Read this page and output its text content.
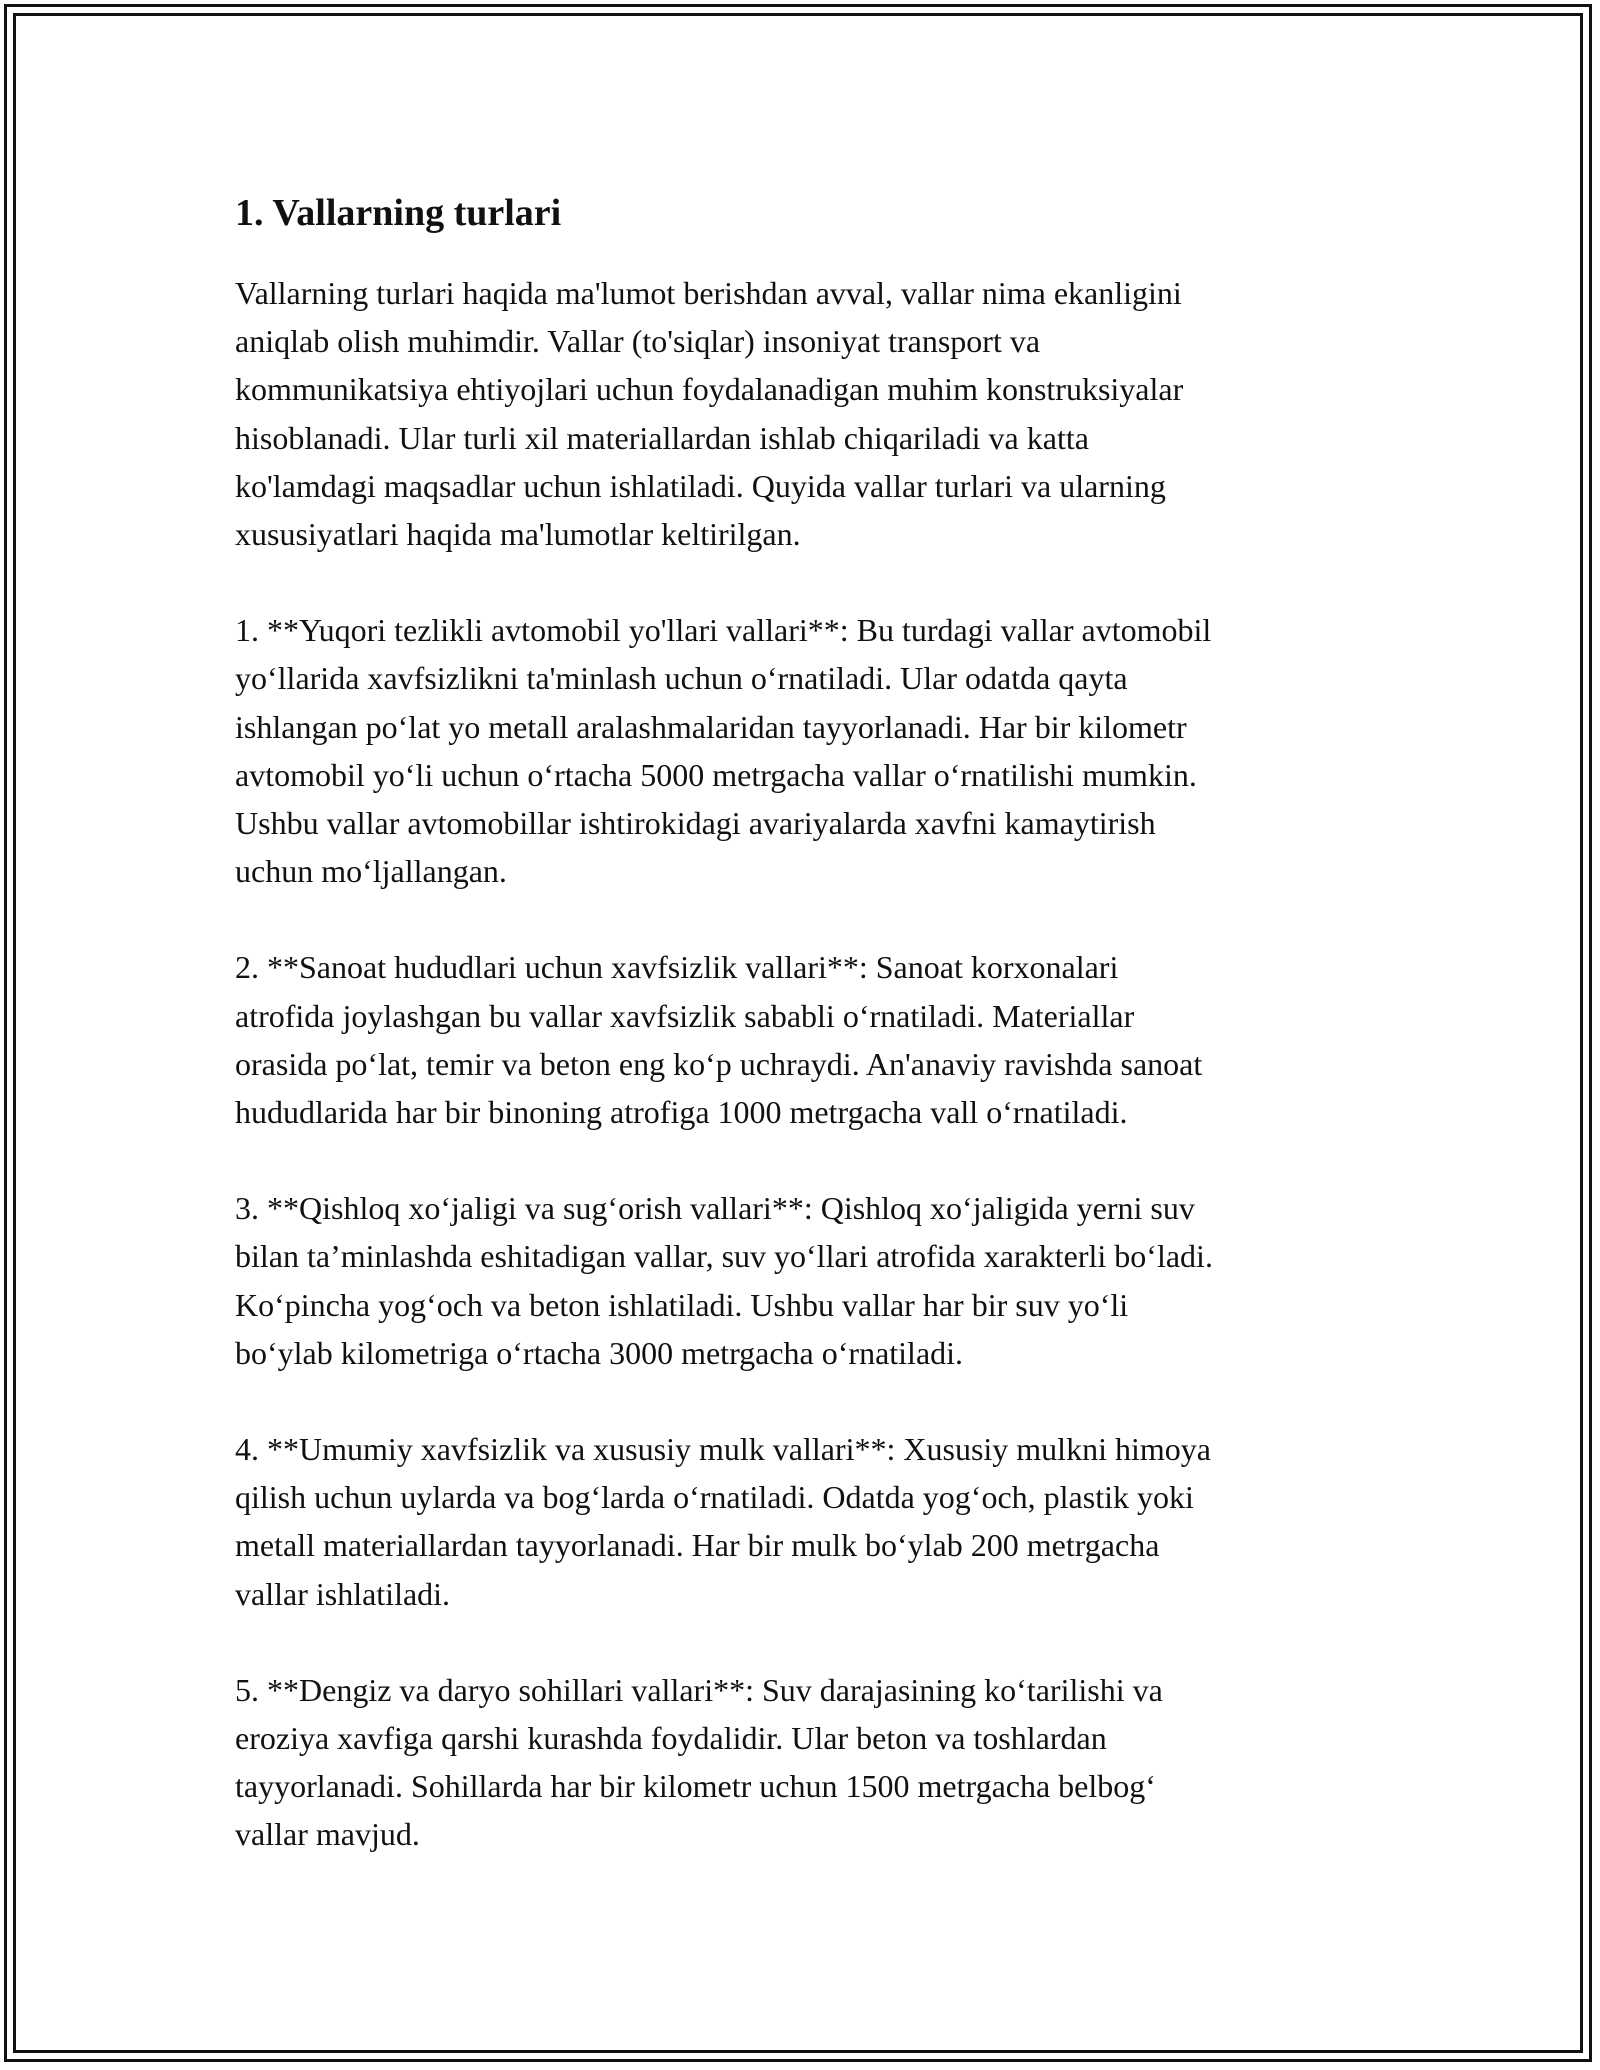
1. Vallarning turlari

Vallarning turlari haqida ma'lumot berishdan avval, vallar nima ekanligini
aniqlab olish muhimdir. Vallar (to'siqlar) insoniyat transport va
kommunikatsiya ehtiyojlari uchun foydalanadigan muhim konstruksiyalar
hisoblanadi. Ular turli xil materiallardan ishlab chiqariladi va katta
ko'lamdagi maqsadlar uchun ishlatiladi. Quyida vallar turlari va ularning
xususiyatlari haqida ma'lumotlar keltirilgan.

1. **Yuqori tezlikli avtomobil yo'llari vallari**: Bu turdagi vallar avtomobil
yo‘llarida xavfsizlikni ta'minlash uchun o‘rnatiladi. Ular odatda qayta
ishlangan po‘lat yo metall aralashmalaridan tayyorlanadi. Har bir kilometr
avtomobil yo‘li uchun o‘rtacha 5000 metrgacha vallar o‘rnatilishi mumkin.
Ushbu vallar avtomobillar ishtirokidagi avariyalarda xavfni kamaytirish
uchun mo‘ljallangan.

2. **Sanoat hududlari uchun xavfsizlik vallari**: Sanoat korxonalari
atrofida joylashgan bu vallar xavfsizlik sababli o‘rnatiladi. Materiallar
orasida po‘lat, temir va beton eng ko‘p uchraydi. An'anaviy ravishda sanoat
hududlarida har bir binoning atrofiga 1000 metrgacha vall o‘rnatiladi.

3. **Qishloq xo‘jaligi va sug‘orish vallari**: Qishloq xo‘jaligida yerni suv
bilan ta’minlashda eshitadigan vallar, suv yo‘llari atrofida xarakterli bo‘ladi.
Ko‘pincha yog‘och va beton ishlatiladi. Ushbu vallar har bir suv yo‘li
bo‘ylab kilometriga o‘rtacha 3000 metrgacha o‘rnatiladi.

4. **Umumiy xavfsizlik va xususiy mulk vallari**: Xususiy mulkni himoya
qilish uchun uylarda va bog‘larda o‘rnatiladi. Odatda yog‘och, plastik yoki
metall materiallardan tayyorlanadi. Har bir mulk bo‘ylab 200 metrgacha
vallar ishlatiladi.

5. **Dengiz va daryo sohillari vallari**: Suv darajasining ko‘tarilishi va
eroziya xavfiga qarshi kurashda foydalidir. Ular beton va toshlardan
tayyorlanadi. Sohillarda har bir kilometr uchun 1500 metrgacha belbog‘
vallar mavjud.
